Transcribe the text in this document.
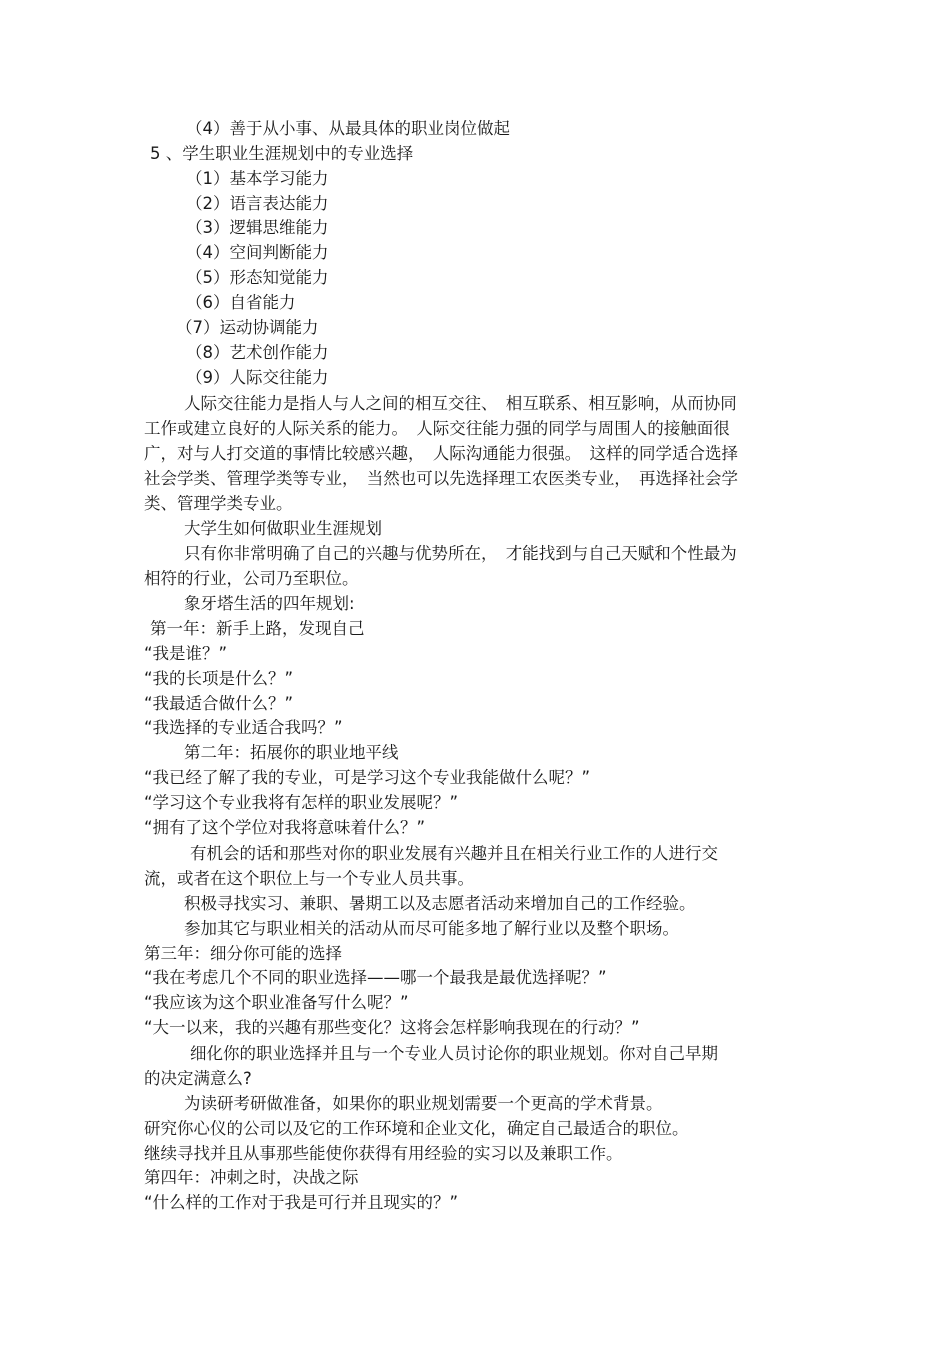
（4）善于从小事、从最具体的职业岗位做起

5 、学生职业生涯规划中的专业选择

（1）基本学习能力

（2）语言表达能力

（3）逻辑思维能力

（4）空间判断能力

（5）形态知觉能力

（6）自省能力

（7）运动协调能力

（8）艺术创作能力

（9）人际交往能力

人际交往能力是指人与人之间的相互交往、　相互联系、相互影响，从而协同

工作或建立良好的人际关系的能力。　人际交往能力强的同学与周围人的接触面很

广，对与人打交道的事情比较感兴趣，　人际沟通能力很强。　这样的同学适合选择

社会学类、管理学类等专业，　当然也可以先选择理工农医类专业，　再选择社会学

类、管理学类专业。

大学生如何做职业生涯规划

只有你非常明确了自己的兴趣与优势所在，　才能找到与自己天赋和个性最为

相符的行业，公司乃至职位。

象牙塔生活的四年规划:

第一年：新手上路，发现自己

“我是谁？”

“我的长项是什么？”

“我最适合做什么？”

“我选择的专业适合我吗？”

第二年：拓展你的职业地平线

“我已经了解了我的专业，可是学习这个专业我能做什么呢？”

“学习这个专业我将有怎样的职业发展呢？”

“拥有了这个学位对我将意味着什么？”

有机会的话和那些对你的职业发展有兴趣并且在相关行业工作的人进行交

流，或者在这个职位上与一个专业人员共事。

积极寻找实习、兼职、暑期工以及志愿者活动来增加自己的工作经验。

参加其它与职业相关的活动从而尽可能多地了解行业以及整个职场。

第三年：细分你可能的选择

“我在考虑几个不同的职业选择——哪一个最我是最优选择呢？”

“我应该为这个职业准备写什么呢？”

“大一以来，我的兴趣有那些变化？这将会怎样影响我现在的行动？”

细化你的职业选择并且与一个专业人员讨论你的职业规划。你对自己早期

的决定满意么?

为读研考研做准备，如果你的职业规划需要一个更高的学术背景。

研究你心仪的公司以及它的工作环境和企业文化，确定自己最适合的职位。

继续寻找并且从事那些能使你获得有用经验的实习以及兼职工作。

第四年：冲刺之时，决战之际

“什么样的工作对于我是可行并且现实的？”
